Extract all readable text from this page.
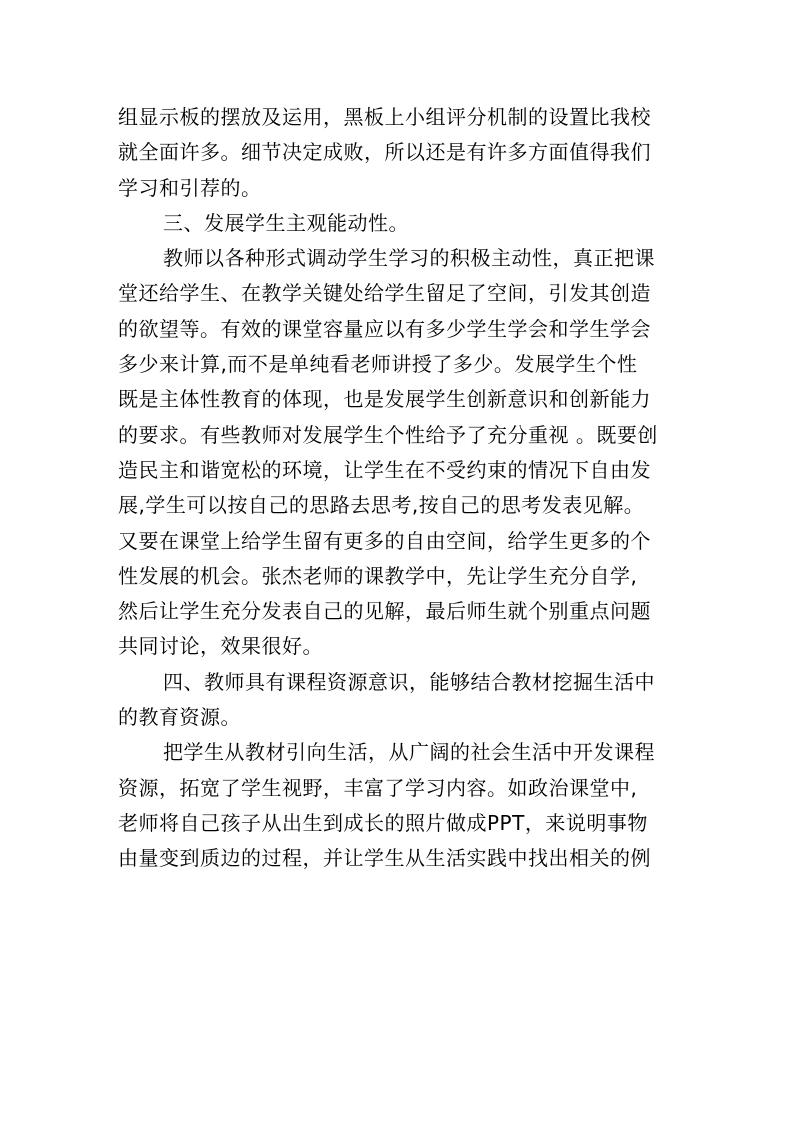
组显示板的摆放及运用，黑板上小组评分机制的设置比我校
就全面许多。细节决定成败，所以还是有许多方面值得我们
学习和引荐的。
三、发展学生主观能动性。
教师以各种形式调动学生学习的积极主动性，真正把课
堂还给学生、在教学关键处给学生留足了空间，引发其创造
的欲望等。有效的课堂容量应以有多少学生学会和学生学会
多少来计算,而不是单纯看老师讲授了多少。发展学生个性
既是主体性教育的体现，也是发展学生创新意识和创新能力
的要求。有些教师对发展学生个性给予了充分重视 。既要创
造民主和谐宽松的环境，让学生在不受约束的情况下自由发
展,学生可以按自己的思路去思考,按自己的思考发表见解。
又要在课堂上给学生留有更多的自由空间，给学生更多的个
性发展的机会。张杰老师的课教学中，先让学生充分自学,
然后让学生充分发表自己的见解，最后师生就个别重点问题
共同讨论，效果很好。
四、教师具有课程资源意识，能够结合教材挖掘生活中
的教育资源。
把学生从教材引向生活，从广阔的社会生活中开发课程
资源，拓宽了学生视野，丰富了学习内容。如政治课堂中,
老师将自己孩子从出生到成长的照片做成PPT，来说明事物
由量变到质边的过程，并让学生从生活实践中找出相关的例
